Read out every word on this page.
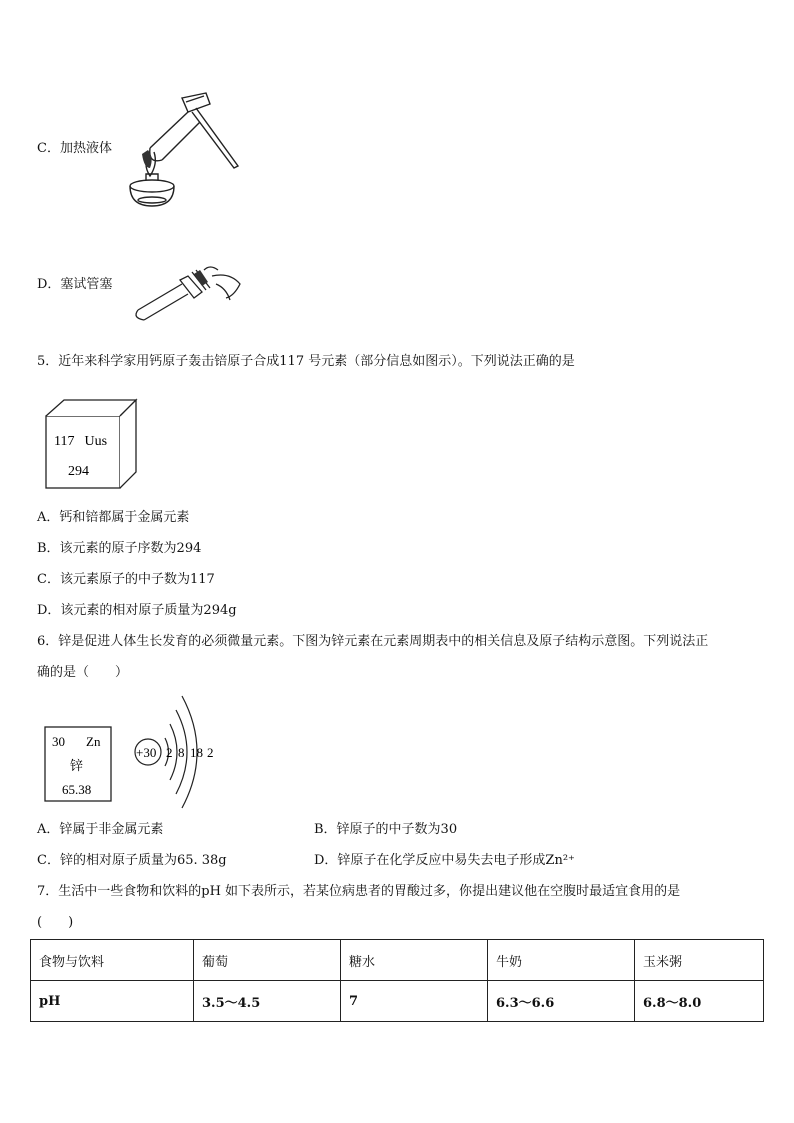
C．加热液体
D．塞试管塞
5．近年来科学家用钙原子轰击锫原子合成117 号元素（部分信息如图示）。下列说法正确的是
117 Uus
294
A．钙和锫都属于金属元素
B．该元素的原子序数为294
C．该元素原子的中子数为117
D．该元素的相对原子质量为294g
6．锌是促进人体生长发育的必须微量元素。下图为锌元素在元素周期表中的相关信息及原子结构示意图。下列说法正
确的是（　　）
30 Zn
锌
65.38
+30 2 8 18 2
A．锌属于非金属元素	B．锌原子的中子数为30
C．锌的相对原子质量为65. 38g	D．锌原子在化学反应中易失去电子形成Zn²⁺
7．生活中一些食物和饮料的pH 如下表所示，若某位病患者的胃酸过多，你提出建议他在空腹时最适宜食用的是
(　　)
食物与饮料	葡萄	糖水	牛奶	玉米粥
pH	3.5～4.5	7	6.3～6.6	6.8～8.0
